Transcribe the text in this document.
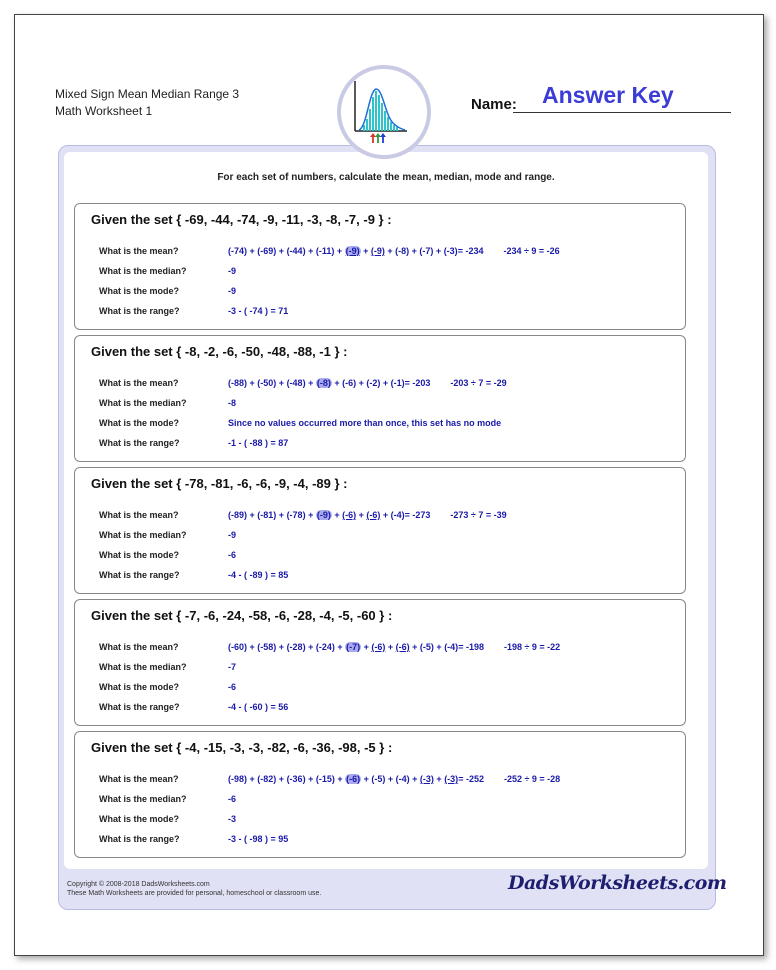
Mixed Sign Mean Median Range 3
Math Worksheet 1	Name: Answer Key
For each set of numbers, calculate the mean, median, mode and range.
Given the set { -69, -44, -74, -9, -11, -3, -8, -7, -9 } :
What is the mean?	(-74) + (-69) + (-44) + (-11) + (-9) + (-9) + (-8) + (-7) + (-3)= -234 -234 ÷ 9 = -26
What is the median?	-9
What is the mode?	-9
What is the range?	-3 - ( -74 ) = 71
Given the set { -8, -2, -6, -50, -48, -88, -1 } :
What is the mean?	(-88) + (-50) + (-48) + (-8) + (-6) + (-2) + (-1)= -203 -203 ÷ 7 = -29
What is the median?	-8
What is the mode?	Since no values occurred more than once, this set has no mode
What is the range?	-1 - ( -88 ) = 87
Given the set { -78, -81, -6, -6, -9, -4, -89 } :
What is the mean?	(-89) + (-81) + (-78) + (-9) + (-6) + (-6) + (-4)= -273 -273 ÷ 7 = -39
What is the median?	-9
What is the mode?	-6
What is the range?	-4 - ( -89 ) = 85
Given the set { -7, -6, -24, -58, -6, -28, -4, -5, -60 } :
What is the mean?	(-60) + (-58) + (-28) + (-24) + (-7) + (-6) + (-6) + (-5) + (-4)= -198 -198 ÷ 9 = -22
What is the median?	-7
What is the mode?	-6
What is the range?	-4 - ( -60 ) = 56
Given the set { -4, -15, -3, -3, -82, -6, -36, -98, -5 } :
What is the mean?	(-98) + (-82) + (-36) + (-15) + (-6) + (-5) + (-4) + (-3) + (-3)= -252 -252 ÷ 9 = -28
What is the median?	-6
What is the mode?	-3
What is the range?	-3 - ( -98 ) = 95
Copyright © 2008-2018 DadsWorksheets.com
These Math Worksheets are provided for personal, homeschool or classroom use.	DadsWorksheets.com
